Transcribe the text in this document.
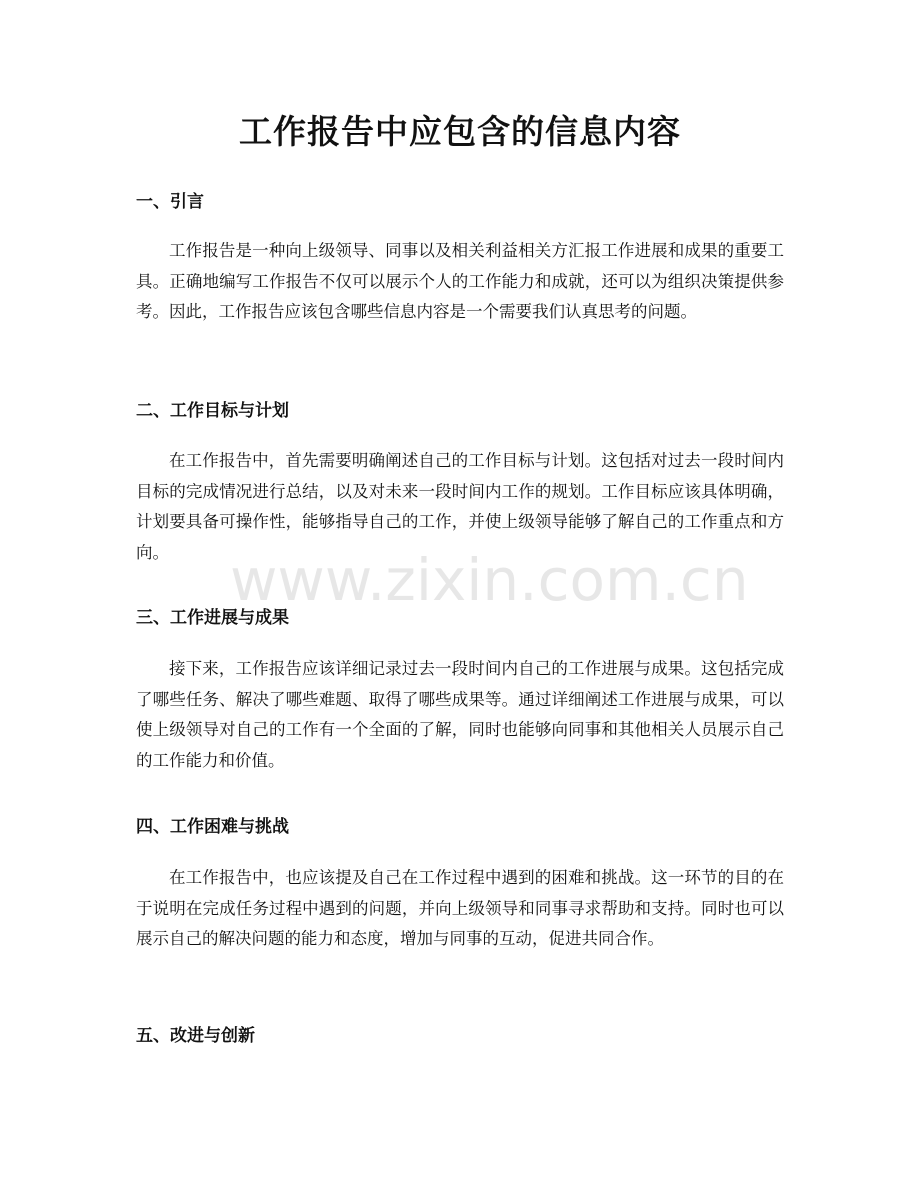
工作报告中应包含的信息内容
一、引言

工作报告是一种向上级领导、同事以及相关利益相关方汇报工作进展和成果的重要工具。正确地编写工作报告不仅可以展示个人的工作能力和成就，还可以为组织决策提供参考。因此，工作报告应该包含哪些信息内容是一个需要我们认真思考的问题。

二、工作目标与计划

在工作报告中，首先需要明确阐述自己的工作目标与计划。这包括对过去一段时间内目标的完成情况进行总结，以及对未来一段时间内工作的规划。工作目标应该具体明确，计划要具备可操作性，能够指导自己的工作，并使上级领导能够了解自己的工作重点和方向。

三、工作进展与成果

接下来，工作报告应该详细记录过去一段时间内自己的工作进展与成果。这包括完成了哪些任务、解决了哪些难题、取得了哪些成果等。通过详细阐述工作进展与成果，可以使上级领导对自己的工作有一个全面的了解，同时也能够向同事和其他相关人员展示自己的工作能力和价值。

四、工作困难与挑战

在工作报告中，也应该提及自己在工作过程中遇到的困难和挑战。这一环节的目的在于说明在完成任务过程中遇到的问题，并向上级领导和同事寻求帮助和支持。同时也可以展示自己的解决问题的能力和态度，增加与同事的互动，促进共同合作。

五、改进与创新
www.zixin.com.cn
